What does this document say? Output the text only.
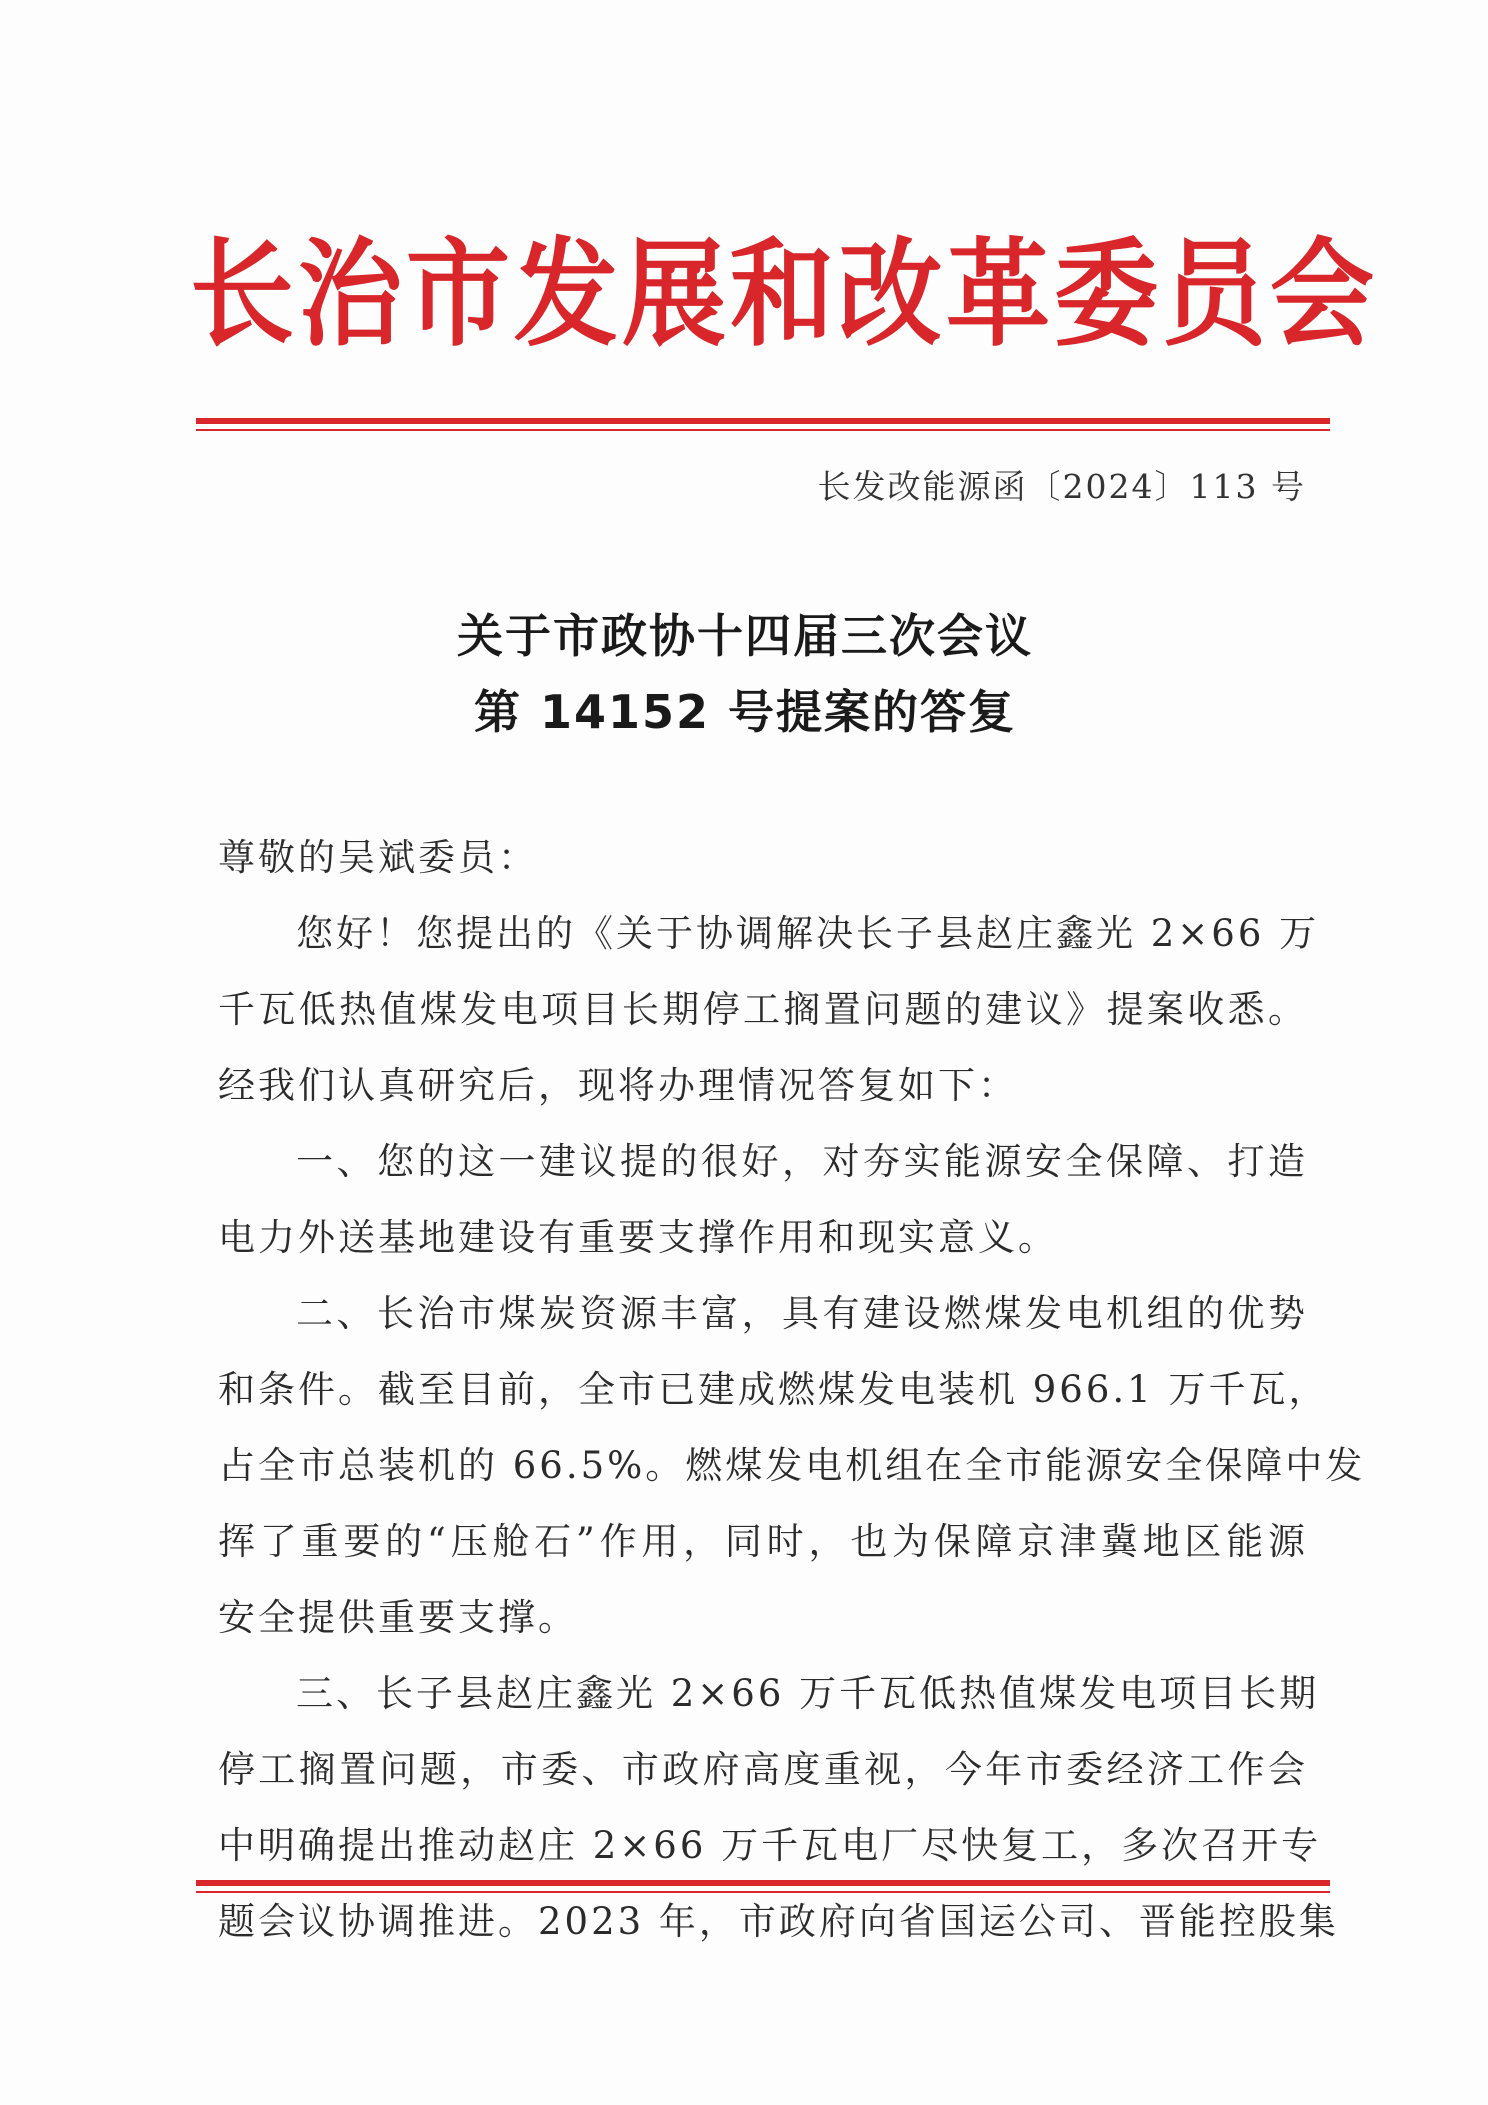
长治市发展和改革委员会
长发改能源函〔2024〕113 号
关于市政协十四届三次会议
第 14152 号提案的答复
尊敬的吴斌委员：
您好！您提出的《关于协调解决长子县赵庄鑫光 2×66 万
千瓦低热值煤发电项目长期停工搁置问题的建议》提案收悉。
经我们认真研究后，现将办理情况答复如下：
一、您的这一建议提的很好，对夯实能源安全保障、打造
电力外送基地建设有重要支撑作用和现实意义。
二、长治市煤炭资源丰富，具有建设燃煤发电机组的优势
和条件。截至目前，全市已建成燃煤发电装机 966.1 万千瓦，
占全市总装机的 66.5%。燃煤发电机组在全市能源安全保障中发
挥了重要的“压舱石”作用，同时，也为保障京津冀地区能源
安全提供重要支撑。
三、长子县赵庄鑫光 2×66 万千瓦低热值煤发电项目长期
停工搁置问题，市委、市政府高度重视，今年市委经济工作会
中明确提出推动赵庄 2×66 万千瓦电厂尽快复工，多次召开专
题会议协调推进。2023 年，市政府向省国运公司、晋能控股集
